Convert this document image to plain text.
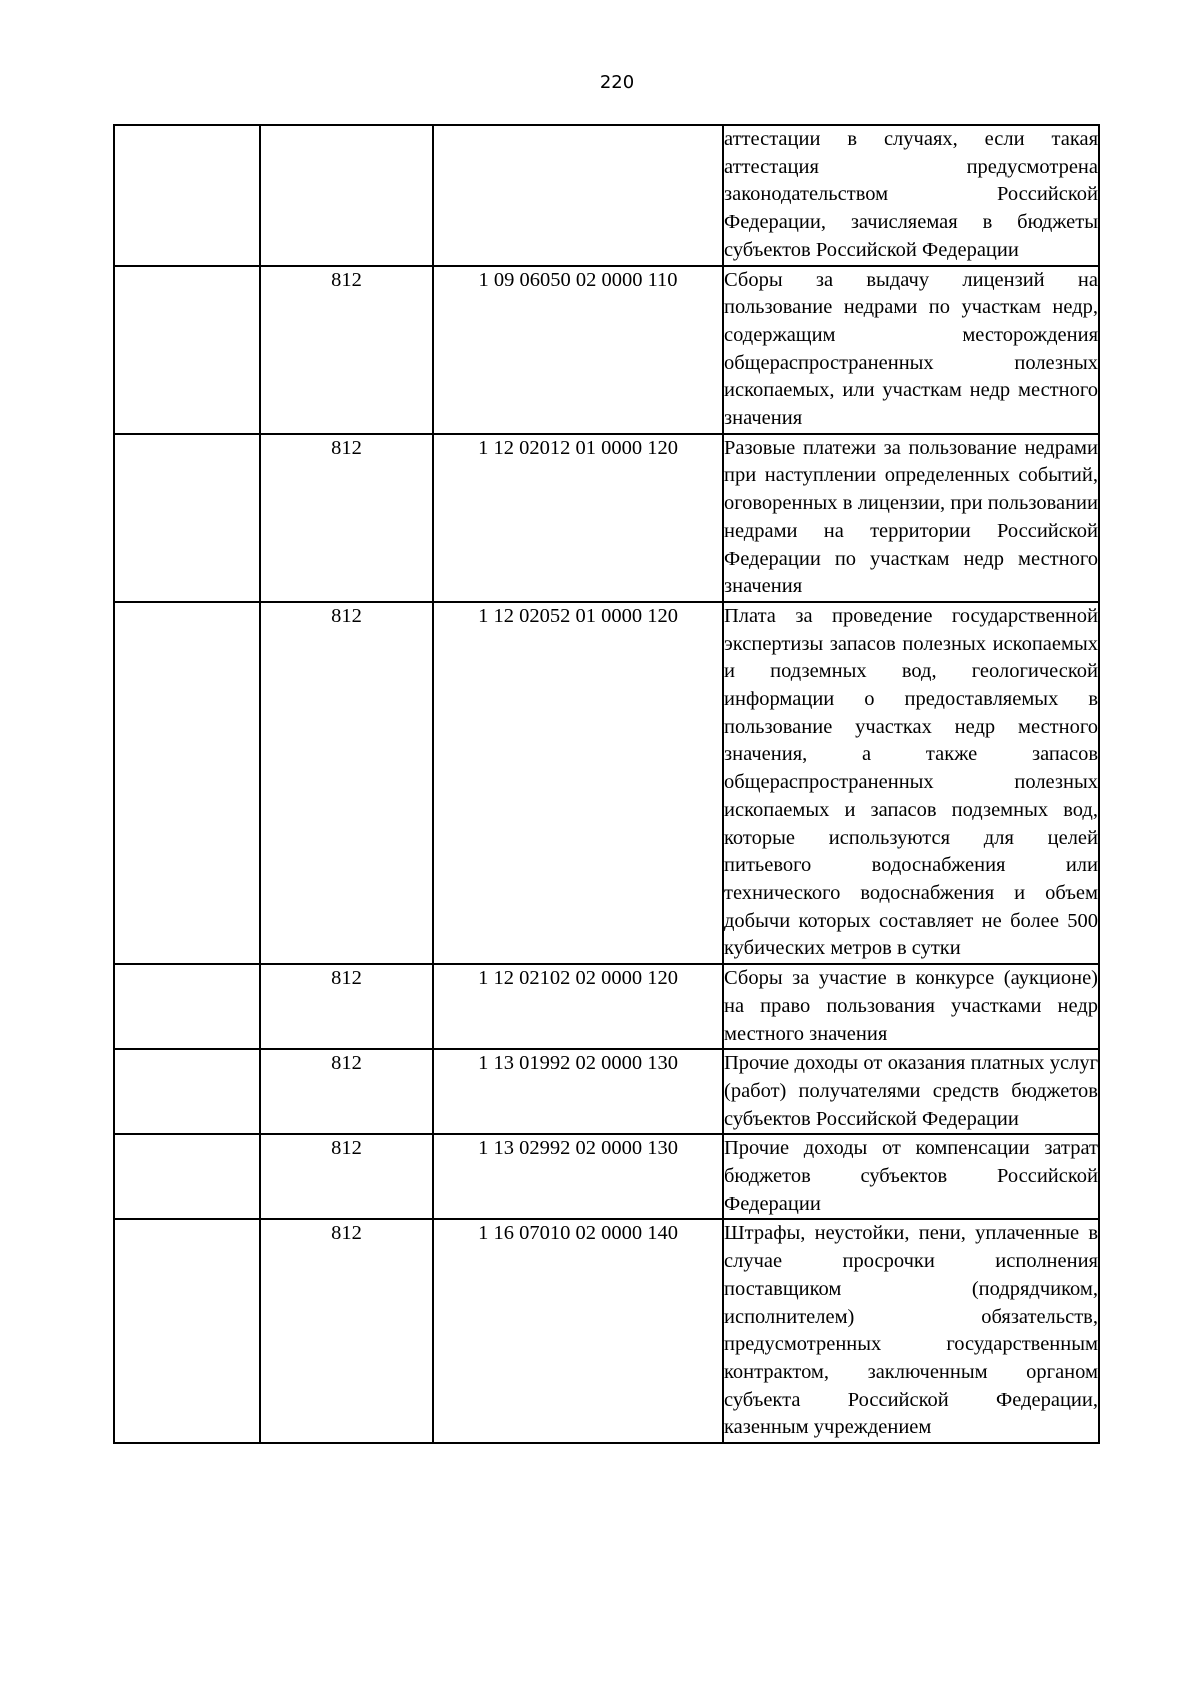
220
			аттестации в случаях, если такая аттестация предусмотрена законодательством Российской Федерации, зачисляемая в бюджеты субъектов Российской Федерации
	812	1 09 06050 02 0000 110	Сборы за выдачу лицензий на пользование недрами по участкам недр, содержащим месторождения общераспространенных полезных ископаемых, или участкам недр местного значения
	812	1 12 02012 01 0000 120	Разовые платежи за пользование недрами при наступлении определенных событий, оговоренных в лицензии, при пользовании недрами на территории Российской Федерации по участкам недр местного значения
	812	1 12 02052 01 0000 120	Плата за проведение государственной экспертизы запасов полезных ископаемых и подземных вод, геологической информации о предоставляемых в пользование участках недр местного значения, а также запасов общераспространенных полезных ископаемых и запасов подземных вод, которые используются для целей питьевого водоснабжения или технического водоснабжения и объем добычи которых составляет не более 500 кубических метров в сутки
	812	1 12 02102 02 0000 120	Сборы за участие в конкурсе (аукционе) на право пользования участками недр местного значения
	812	1 13 01992 02 0000 130	Прочие доходы от оказания платных услуг (работ) получателями средств бюджетов субъектов Российской Федерации
	812	1 13 02992 02 0000 130	Прочие доходы от компенсации затрат бюджетов субъектов Российской Федерации
	812	1 16 07010 02 0000 140	Штрафы, неустойки, пени, уплаченные в случае просрочки исполнения поставщиком (подрядчиком, исполнителем) обязательств, предусмотренных государственным контрактом, заключенным органом субъекта Российской Федерации, казенным учреждением
